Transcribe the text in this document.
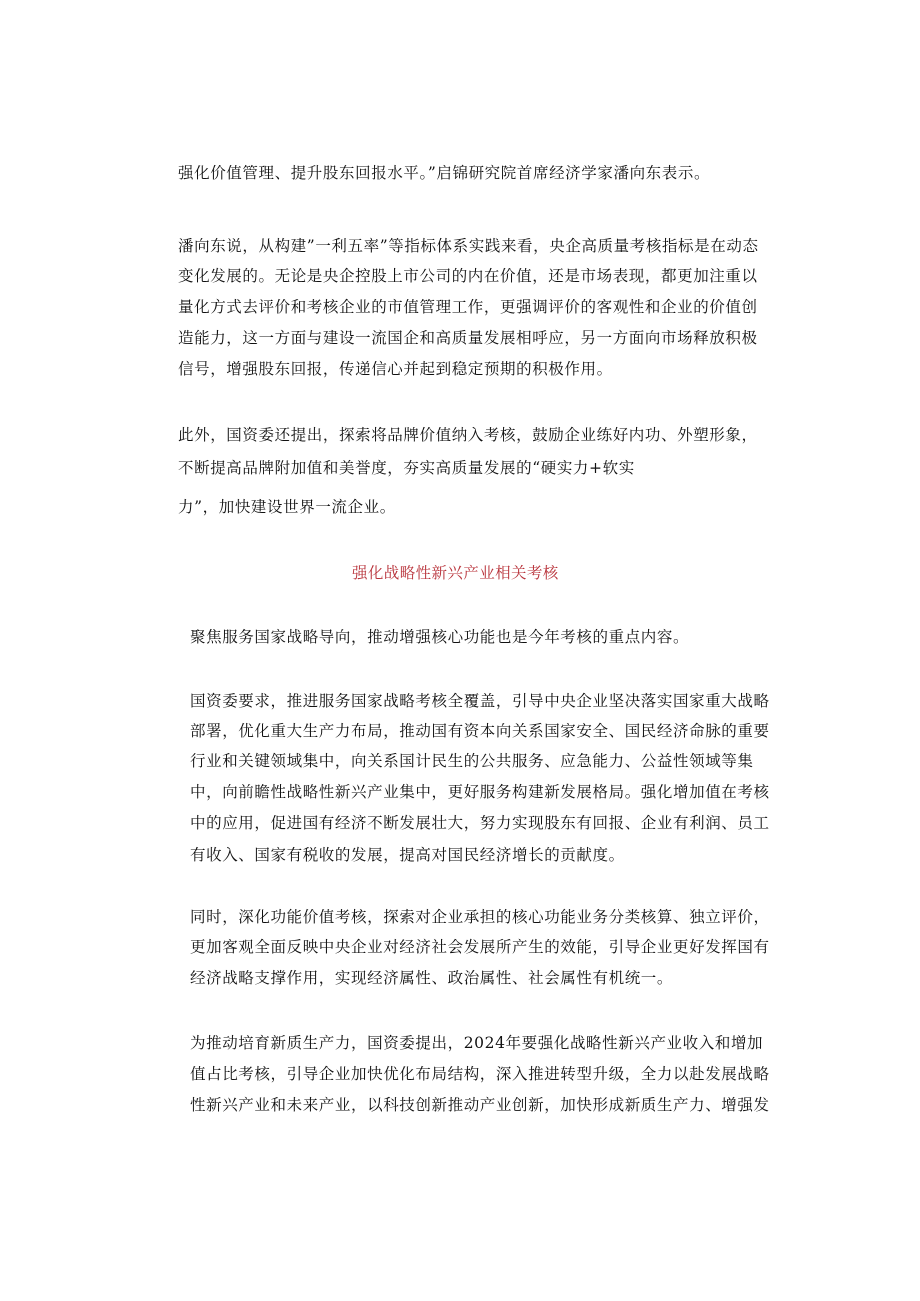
强化价值管理、提升股东回报水平。”启锦研究院首席经济学家潘向东表示。
潘向东说，从构建”一利五率”等指标体系实践来看，央企高质量考核指标是在动态
变化发展的。无论是央企控股上市公司的内在价值，还是市场表现，都更加注重以
量化方式去评价和考核企业的市值管理工作，更强调评价的客观性和企业的价值创
造能力，这一方面与建设一流国企和高质量发展相呼应，另一方面向市场释放积极
信号，增强股东回报，传递信心并起到稳定预期的积极作用。
此外，国资委还提出，探索将品牌价值纳入考核，鼓励企业练好内功、外塑形象，
不断提高品牌附加值和美誉度，夯实高质量发展的“硬实力+软实
力”，加快建设世界一流企业。
强化战略性新兴产业相关考核
聚焦服务国家战略导向，推动增强核心功能也是今年考核的重点内容。
国资委要求，推进服务国家战略考核全覆盖，引导中央企业坚决落实国家重大战略
部署，优化重大生产力布局，推动国有资本向关系国家安全、国民经济命脉的重要
行业和关键领域集中，向关系国计民生的公共服务、应急能力、公益性领域等集
中，向前瞻性战略性新兴产业集中，更好服务构建新发展格局。强化增加值在考核
中的应用，促进国有经济不断发展壮大，努力实现股东有回报、企业有利润、员工
有收入、国家有税收的发展，提高对国民经济增长的贡献度。
同时，深化功能价值考核，探索对企业承担的核心功能业务分类核算、独立评价，
更加客观全面反映中央企业对经济社会发展所产生的效能，引导企业更好发挥国有
经济战略支撑作用，实现经济属性、政治属性、社会属性有机统一。
为推动培育新质生产力，国资委提出，2024年要强化战略性新兴产业收入和增加
值占比考核，引导企业加快优化布局结构，深入推进转型升级，全力以赴发展战略
性新兴产业和未来产业，以科技创新推动产业创新，加快形成新质生产力、增强发
